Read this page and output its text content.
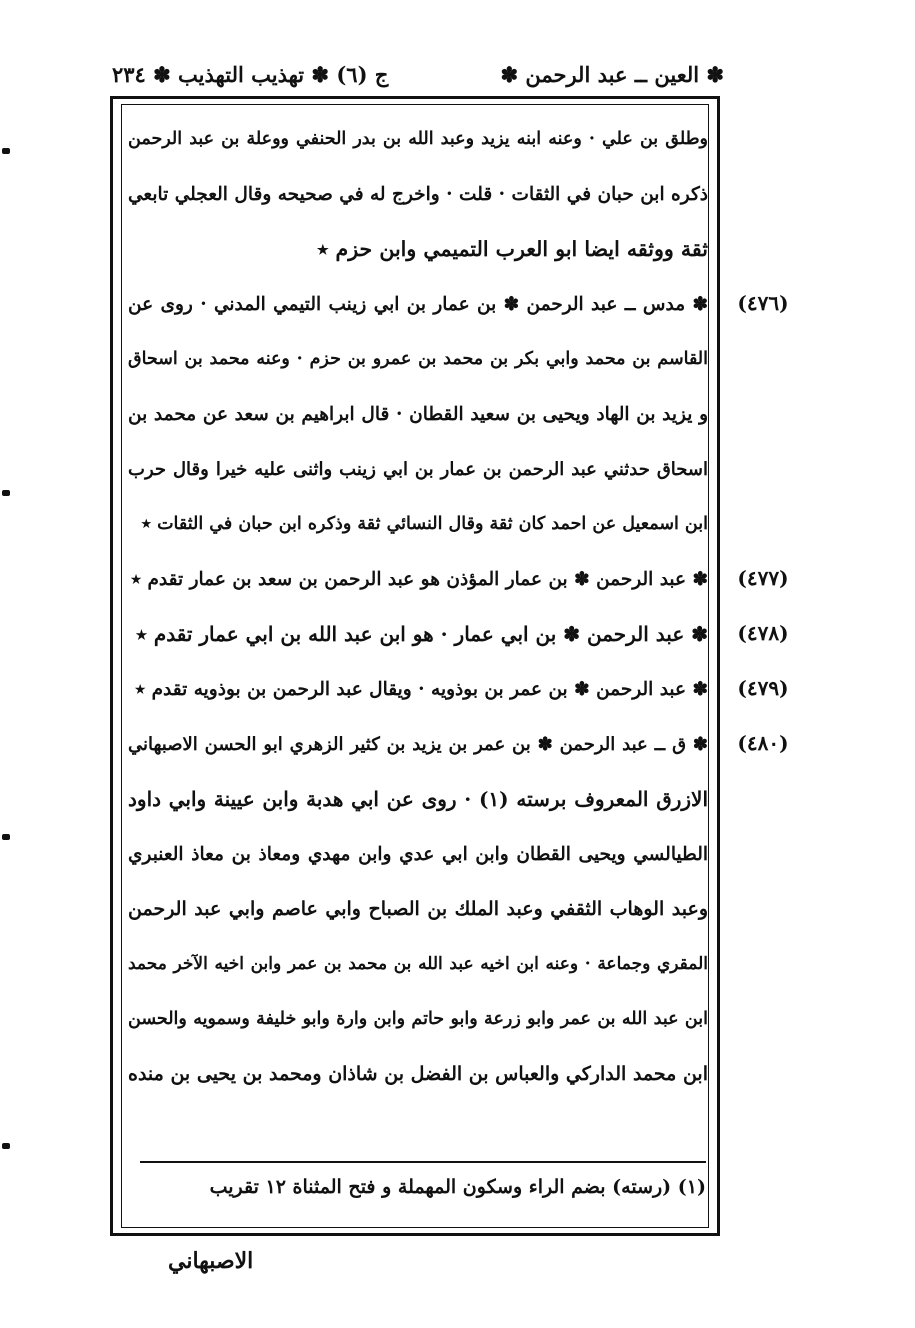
✽ العين ــ عبد الرحمن ✽
ج (٦) ✽ تهذيب التهذيب ✽ ٢٣٤
وطلق بن علي · وعنه ابنه يزيد وعبد الله بن بدر الحنفي ووعلة بن عبد الرحمن
ذكره ابن حبان في الثقات · قلت · واخرج له في صحيحه وقال العجلي تابعي
ثقة ووثقه ايضا ابو العرب التميمي وابن حزم ٭
✽ مدس ــ عبد الرحمن ✽ بن عمار بن ابي زينب التيمي المدني · روى عن
القاسم بن محمد وابي بكر بن محمد بن عمرو بن حزم · وعنه محمد بن اسحاق
و يزيد بن الهاد ويحيى بن سعيد القطان · قال ابراهيم بن سعد عن محمد بن
اسحاق حدثني عبد الرحمن بن عمار بن ابي زينب واثنى عليه خيرا وقال حرب
ابن اسمعيل عن احمد كان ثقة وقال النسائي ثقة وذكره ابن حبان في الثقات ٭
✽ عبد الرحمن ✽ بن عمار المؤذن هو عبد الرحمن بن سعد بن عمار تقدم ٭
✽ عبد الرحمن ✽ بن ابي عمار · هو ابن عبد الله بن ابي عمار تقدم ٭
✽ عبد الرحمن ✽ بن عمر بن بوذويه · ويقال عبد الرحمن بن بوذويه تقدم ٭
✽ ق ــ عبد الرحمن ✽ بن عمر بن يزيد بن كثير الزهري ابو الحسن الاصبهاني
الازرق المعروف برسته (١) · روى عن ابي هدبة وابن عيينة وابي داود
الطيالسي ويحيى القطان وابن ابي عدي وابن مهدي ومعاذ بن معاذ العنبري
وعبد الوهاب الثقفي وعبد الملك بن الصباح وابي عاصم وابي عبد الرحمن
المقري وجماعة · وعنه ابن اخيه عبد الله بن محمد بن عمر وابن اخيه الآخر محمد
ابن عبد الله بن عمر وابو زرعة وابو حاتم وابن وارة وابو خليفة وسمويه والحسن
ابن محمد الداركي والعباس بن الفضل بن شاذان ومحمد بن يحيى بن منده
(٤٧٦)
(٤٧٧)
(٤٧٨)
(٤٧٩)
(٤٨٠)
(١) (رسته) بضم الراء وسكون المهملة و فتح المثناة ١٢ تقريب
الاصبهاني
